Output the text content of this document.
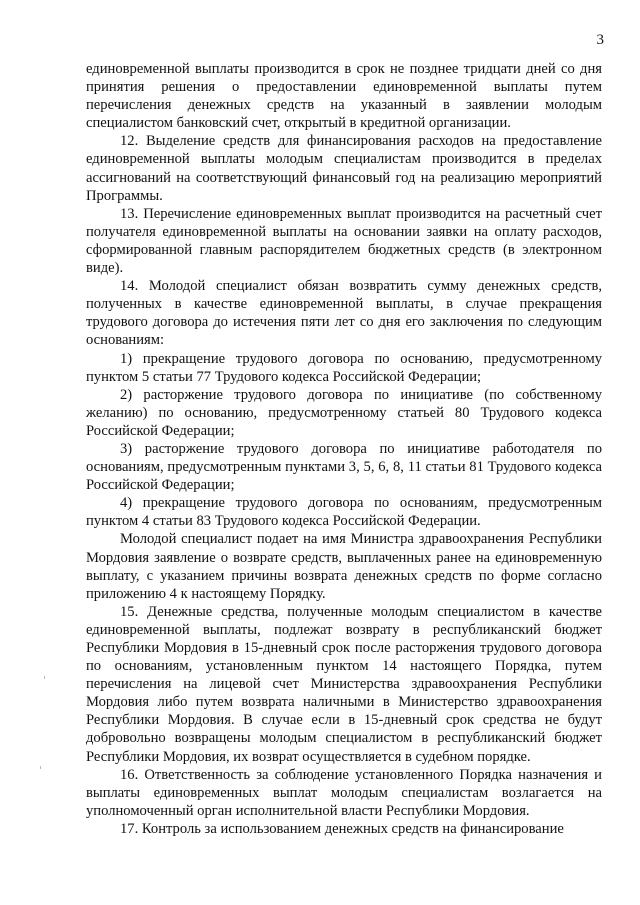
3

единовременной выплаты производится в срок не позднее тридцати дней со дня принятия решения о предоставлении единовременной выплаты путем перечисления денежных средств на указанный в заявлении молодым специалистом банковский счет, открытый в кредитной организации.

12. Выделение средств для финансирования расходов на предоставление единовременной выплаты молодым специалистам производится в пределах ассигнований на соответствующий финансовый год на реализацию мероприятий Программы.

13. Перечисление единовременных выплат производится на расчетный счет получателя единовременной выплаты на основании заявки на оплату расходов, сформированной главным распорядителем бюджетных средств (в электронном виде).

14. Молодой специалист обязан возвратить сумму денежных средств, полученных в качестве единовременной выплаты, в случае прекращения трудового договора до истечения пяти лет со дня его заключения по следующим основаниям:

1) прекращение трудового договора по основанию, предусмотренному пунктом 5 статьи 77 Трудового кодекса Российской Федерации;

2) расторжение трудового договора по инициативе (по собственному желанию) по основанию, предусмотренному статьей 80 Трудового кодекса Российской Федерации;

3) расторжение трудового договора по инициативе работодателя по основаниям, предусмотренным пунктами 3, 5, 6, 8, 11 статьи 81 Трудового кодекса Российской Федерации;

4) прекращение трудового договора по основаниям, предусмотренным пунктом 4 статьи 83 Трудового кодекса Российской Федерации.

Молодой специалист подает на имя Министра здравоохранения Республики Мордовия заявление о возврате средств, выплаченных ранее на единовременную выплату, с указанием причины возврата денежных средств по форме согласно приложению 4 к настоящему Порядку.

15. Денежные средства, полученные молодым специалистом в качестве единовременной выплаты, подлежат возврату в республиканский бюджет Республики Мордовия в 15-дневный срок после расторжения трудового договора по основаниям, установленным пунктом 14 настоящего Порядка, путем перечисления на лицевой счет Министерства здравоохранения Республики Мордовия либо путем возврата наличными в Министерство здравоохранения Республики Мордовия. В случае если в 15-дневный срок средства не будут добровольно возвращены молодым специалистом в республиканский бюджет Республики Мордовия, их возврат осуществляется в судебном порядке.

16. Ответственность за соблюдение установленного Порядка назначения и выплаты единовременных выплат молодым специалистам возлагается на уполномоченный орган исполнительной власти Республики Мордовия.

17. Контроль за использованием денежных средств на финансирование
